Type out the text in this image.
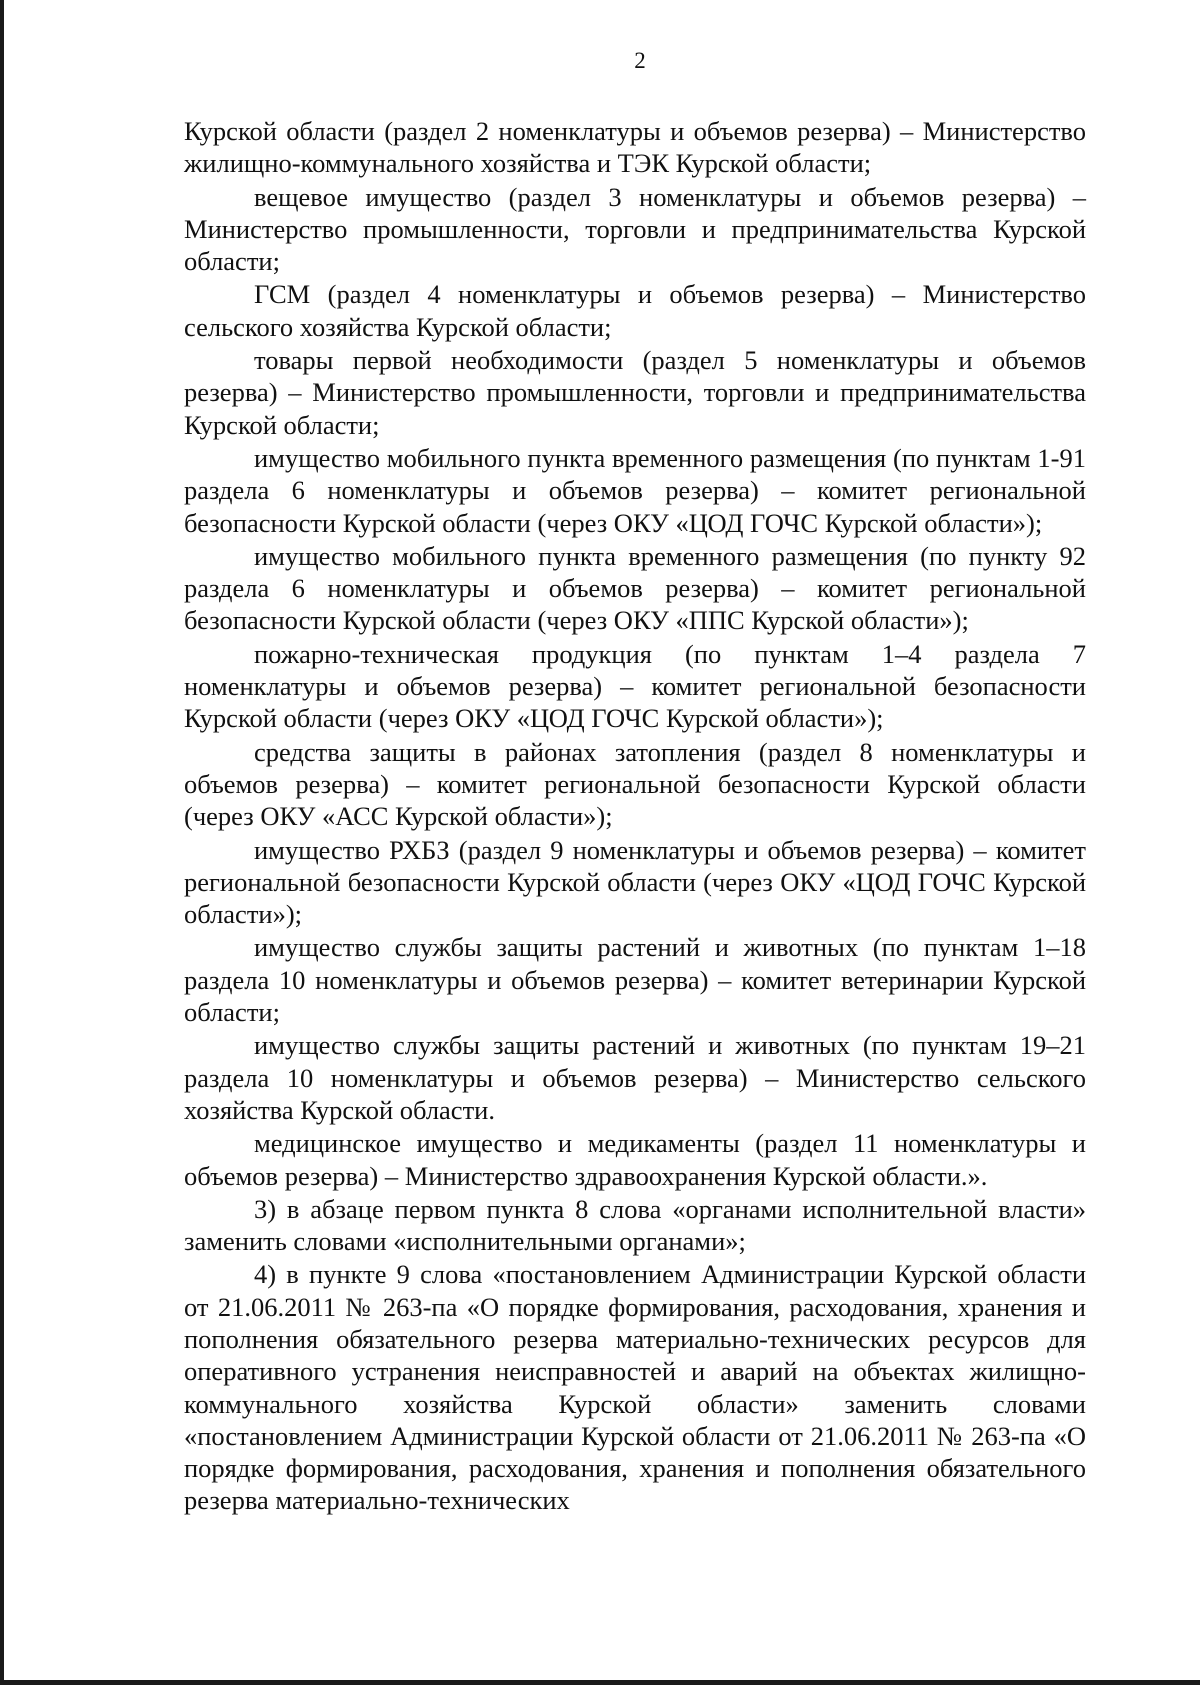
2

Курской области (раздел 2 номенклатуры и объемов резерва) – Министерство жилищно-коммунального хозяйства и ТЭК Курской области;

вещевое имущество (раздел 3 номенклатуры и объемов резерва) – Министерство промышленности, торговли и предпринимательства Курской области;

ГСМ (раздел 4 номенклатуры и объемов резерва) – Министерство сельского хозяйства Курской области;

товары первой необходимости (раздел 5 номенклатуры и объемов резерва) – Министерство промышленности, торговли и предпринимательства Курской области;

имущество мобильного пункта временного размещения (по пунктам 1-91 раздела 6 номенклатуры и объемов резерва) – комитет региональной безопасности Курской области (через ОКУ «ЦОД ГОЧС Курской области»);

имущество мобильного пункта временного размещения (по пункту 92 раздела 6 номенклатуры и объемов резерва) – комитет региональной безопасности Курской области (через ОКУ «ППС Курской области»);

пожарно-техническая продукция (по пунктам 1–4 раздела 7 номенклатуры и объемов резерва) – комитет региональной безопасности Курской области (через ОКУ «ЦОД ГОЧС Курской области»);

средства защиты в районах затопления (раздел 8 номенклатуры и объемов резерва) – комитет региональной безопасности Курской области (через ОКУ «АСС Курской области»);

имущество РХБЗ (раздел 9 номенклатуры и объемов резерва) – комитет региональной безопасности Курской области (через ОКУ «ЦОД ГОЧС Курской области»);

имущество службы защиты растений и животных (по пунктам 1–18 раздела 10 номенклатуры и объемов резерва) – комитет ветеринарии Курской области;

имущество службы защиты растений и животных (по пунктам 19–21 раздела 10 номенклатуры и объемов резерва) – Министерство сельского хозяйства Курской области.

медицинское имущество и медикаменты (раздел 11 номенклатуры и объемов резерва) – Министерство здравоохранения Курской области.».

3) в абзаце первом пункта 8 слова «органами исполнительной власти» заменить словами «исполнительными органами»;

4) в пункте 9 слова «постановлением Администрации Курской области от 21.06.2011 № 263-па «О порядке формирования, расходования, хранения и пополнения обязательного резерва материально-технических ресурсов для оперативного устранения неисправностей и аварий на объектах жилищно-коммунального хозяйства Курской области» заменить словами «постановлением Администрации Курской области от 21.06.2011 № 263-па «О порядке формирования, расходования, хранения и пополнения обязательного резерва материально-технических
